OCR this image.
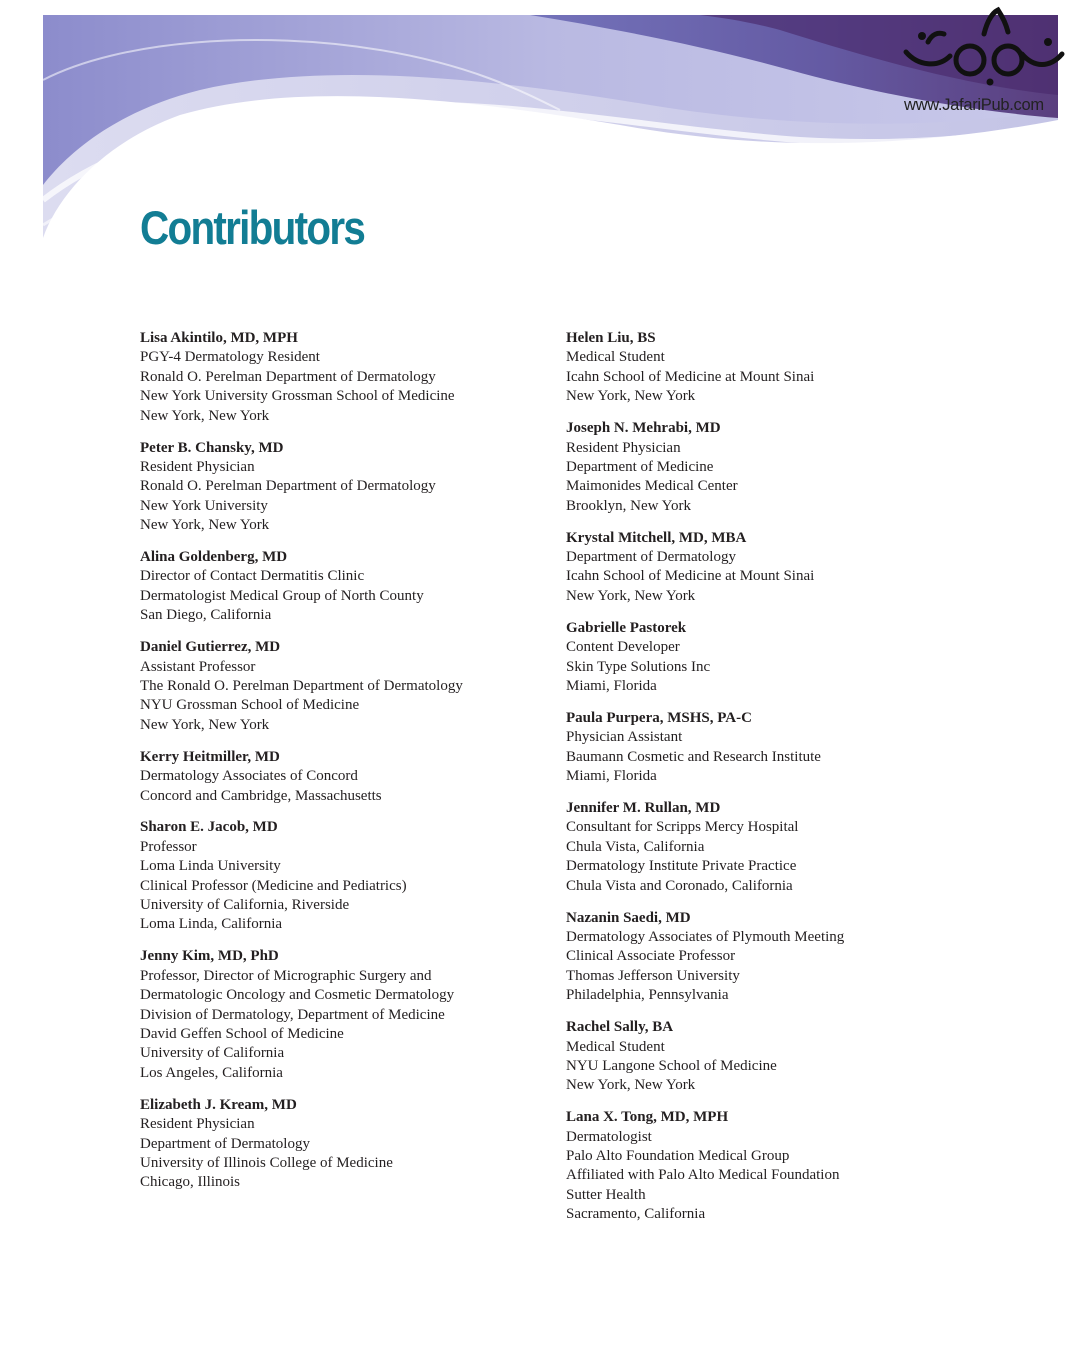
www.JafariPub.com
Contributors
Lisa Akintilo, MD, MPH
PGY-4 Dermatology Resident
Ronald O. Perelman Department of Dermatology
New York University Grossman School of Medicine
New York, New York
Peter B. Chansky, MD
Resident Physician
Ronald O. Perelman Department of Dermatology
New York University
New York, New York
Alina Goldenberg, MD
Director of Contact Dermatitis Clinic
Dermatologist Medical Group of North County
San Diego, California
Daniel Gutierrez, MD
Assistant Professor
The Ronald O. Perelman Department of Dermatology
NYU Grossman School of Medicine
New York, New York
Kerry Heitmiller, MD
Dermatology Associates of Concord
Concord and Cambridge, Massachusetts
Sharon E. Jacob, MD
Professor
Loma Linda University
Clinical Professor (Medicine and Pediatrics)
University of California, Riverside
Loma Linda, California
Jenny Kim, MD, PhD
Professor, Director of Micrographic Surgery and
Dermatologic Oncology and Cosmetic Dermatology
Division of Dermatology, Department of Medicine
David Geffen School of Medicine
University of California
Los Angeles, California
Elizabeth J. Kream, MD
Resident Physician
Department of Dermatology
University of Illinois College of Medicine
Chicago, Illinois
Helen Liu, BS
Medical Student
Icahn School of Medicine at Mount Sinai
New York, New York
Joseph N. Mehrabi, MD
Resident Physician
Department of Medicine
Maimonides Medical Center
Brooklyn, New York
Krystal Mitchell, MD, MBA
Department of Dermatology
Icahn School of Medicine at Mount Sinai
New York, New York
Gabrielle Pastorek
Content Developer
Skin Type Solutions Inc
Miami, Florida
Paula Purpera, MSHS, PA-C
Physician Assistant
Baumann Cosmetic and Research Institute
Miami, Florida
Jennifer M. Rullan, MD
Consultant for Scripps Mercy Hospital
Chula Vista, California
Dermatology Institute Private Practice
Chula Vista and Coronado, California
Nazanin Saedi, MD
Dermatology Associates of Plymouth Meeting
Clinical Associate Professor
Thomas Jefferson University
Philadelphia, Pennsylvania
Rachel Sally, BA
Medical Student
NYU Langone School of Medicine
New York, New York
Lana X. Tong, MD, MPH
Dermatologist
Palo Alto Foundation Medical Group
Affiliated with Palo Alto Medical Foundation
Sutter Health
Sacramento, California
